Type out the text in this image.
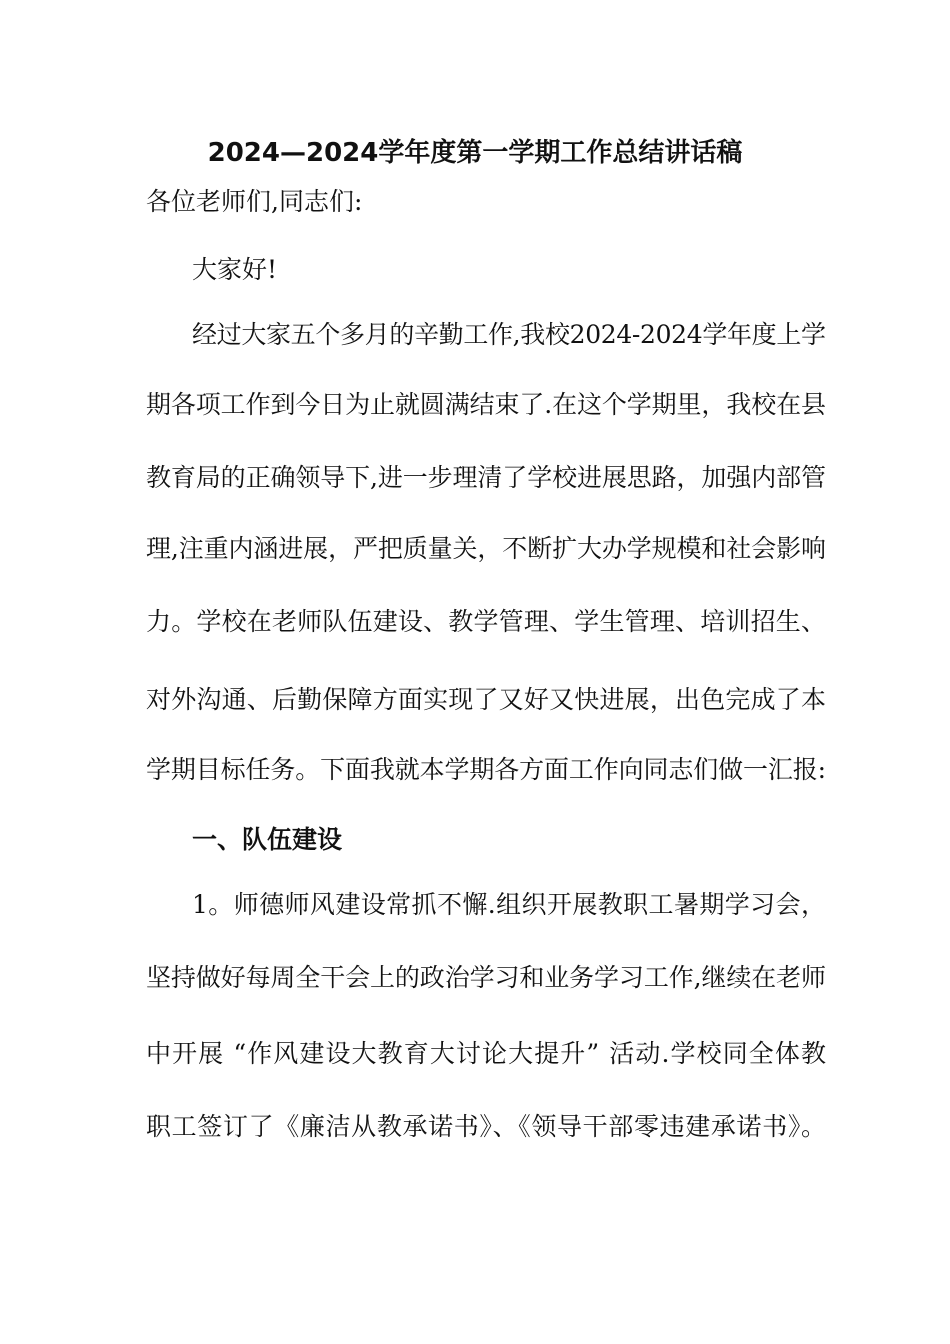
2024—2024学年度第一学期工作总结讲话稿

各位老师们,同志们:

大家好!

经过大家五个多月的辛勤工作,我校2024-2024学年度上学

期各项工作到今日为止就圆满结束了.在这个学期里，我校在县

教育局的正确领导下,进一步理清了学校进展思路，加强内部管

理,注重内涵进展，严把质量关，不断扩大办学规模和社会影响

力。学校在老师队伍建设、教学管理、学生管理、培训招生、

对外沟通、后勤保障方面实现了又好又快进展，出色完成了本

学期目标任务。下面我就本学期各方面工作向同志们做一汇报:

一、队伍建设

1。师德师风建设常抓不懈.组织开展教职工暑期学习会，

坚持做好每周全干会上的政治学习和业务学习工作,继续在老师

中开展 “作风建设大教育大讨论大提升” 活动.学校同全体教

职工签订了《廉洁从教承诺书》、《领导干部零违建承诺书》。
